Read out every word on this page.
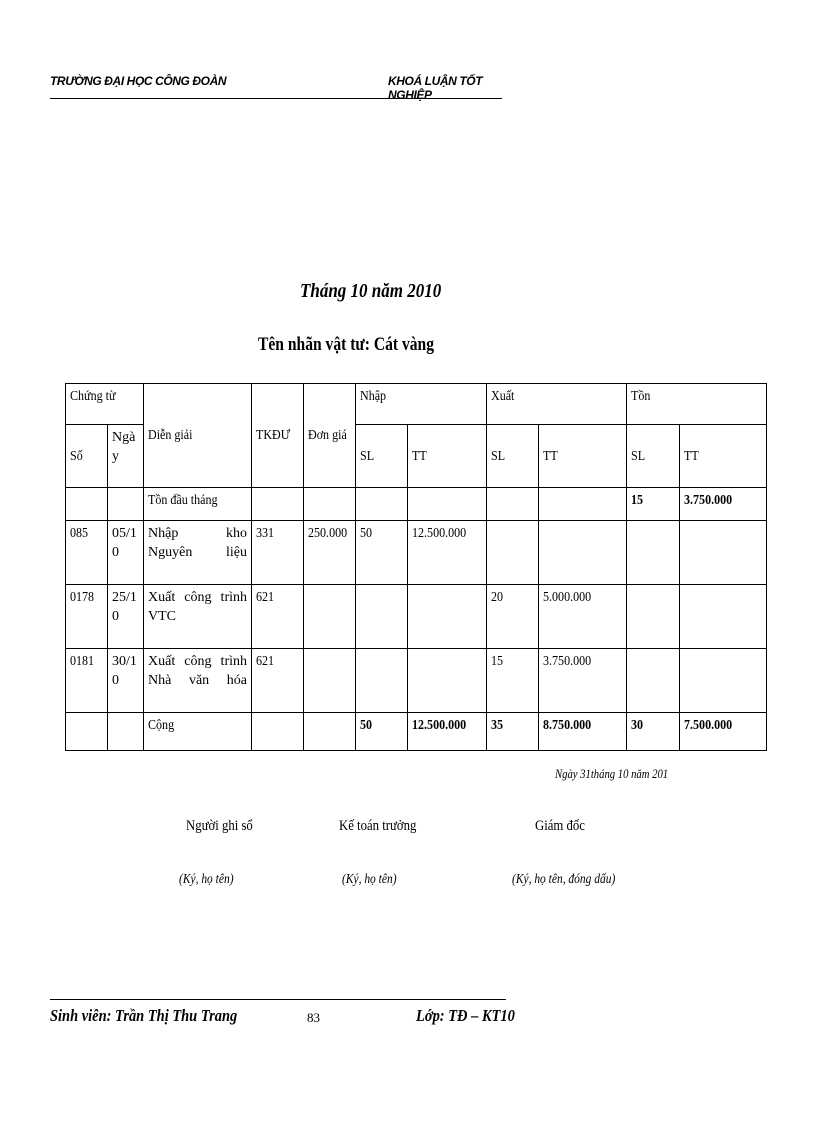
TRƯỜNG ĐẠI HỌC CÔNG ĐOÀN	KHOÁ LUẬN TỐT NGHIỆP
Tháng 10 năm 2010
Tên nhãn vật tư: Cát vàng
Chứng từ		Diễn giải	TKĐƯ	Đơn giá	Nhập		Xuất		Tồn	
Số	Ngày				SL	TT	SL	TT	SL	TT
		Tồn đầu tháng							15	3.750.000
085	05/10	Nhập kho Nguyên liệu	331	250.000	50	12.500.000				
0178	25/10	Xuất công trình VTC	621				20	5.000.000		
0181	30/10	Xuất công trình Nhà văn hóa	621				15	3.750.000		
		Cộng			50	12.500.000	35	8.750.000	30	7.500.000
Ngày 31tháng 10 năm 201
Người ghi sổ	Kế toán trưởng	Giám đốc
(Ký, họ tên)	(Ký, họ tên)	(Ký, họ tên, đóng dấu)
Sinh viên: Trần Thị Thu Trang	83	Lớp: TĐ – KT10
